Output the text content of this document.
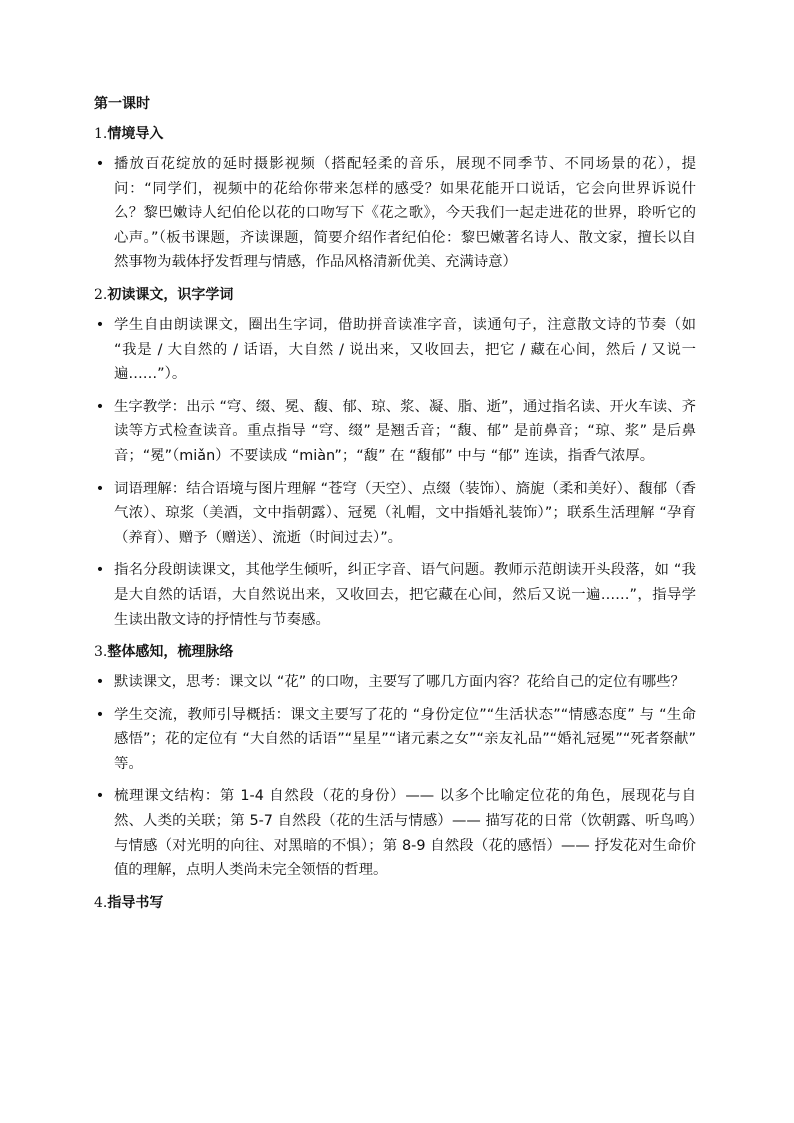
第一课时
1.情境导入
• 播放百花绽放的延时摄影视频（搭配轻柔的音乐，展现不同季节、不同场景的花），提问：“同学们，视频中的花给你带来怎样的感受？如果花能开口说话，它会向世界诉说什么？黎巴嫩诗人纪伯伦以花的口吻写下《花之歌》，今天我们一起走进花的世界，聆听它的心声。”（板书课题，齐读课题，简要介绍作者纪伯伦：黎巴嫩著名诗人、散文家，擅长以自然事物为载体抒发哲理与情感，作品风格清新优美、充满诗意）
2.初读课文，识字学词
• 学生自由朗读课文，圈出生字词，借助拼音读准字音，读通句子，注意散文诗的节奏（如 “我是 / 大自然的 / 话语，大自然 / 说出来，又收回去，把它 / 藏在心间，然后 / 又说一遍……”）。
• 生字教学：出示 “穹、缀、冕、馥、郁、琼、浆、凝、脂、逝”，通过指名读、开火车读、齐读等方式检查读音。重点指导 “穹、缀” 是翘舌音；“馥、郁” 是前鼻音；“琼、浆” 是后鼻音；“冕”（miǎn）不要读成 “miàn”；“馥” 在 “馥郁” 中与 “郁” 连读，指香气浓厚。
• 词语理解：结合语境与图片理解 “苍穹（天空）、点缀（装饰）、旖旎（柔和美好）、馥郁（香气浓）、琼浆（美酒，文中指朝露）、冠冕（礼帽，文中指婚礼装饰）”；联系生活理解 “孕育（养育）、赠予（赠送）、流逝（时间过去）”。
• 指名分段朗读课文，其他学生倾听，纠正字音、语气问题。教师示范朗读开头段落，如 “我是大自然的话语，大自然说出来，又收回去，把它藏在心间，然后又说一遍……”，指导学生读出散文诗的抒情性与节奏感。
3.整体感知，梳理脉络
• 默读课文，思考：课文以 “花” 的口吻，主要写了哪几方面内容？花给自己的定位有哪些？
• 学生交流，教师引导概括：课文主要写了花的 “身份定位”“生活状态”“情感态度” 与 “生命感悟”；花的定位有 “大自然的话语”“星星”“诸元素之女”“亲友礼品”“婚礼冠冕”“死者祭献” 等。
• 梳理课文结构：第 1-4 自然段（花的身份）—— 以多个比喻定位花的角色，展现花与自然、人类的关联；第 5-7 自然段（花的生活与情感）—— 描写花的日常（饮朝露、听鸟鸣）与情感（对光明的向往、对黑暗的不惧）；第 8-9 自然段（花的感悟）—— 抒发花对生命价值的理解，点明人类尚未完全领悟的哲理。
4.指导书写
